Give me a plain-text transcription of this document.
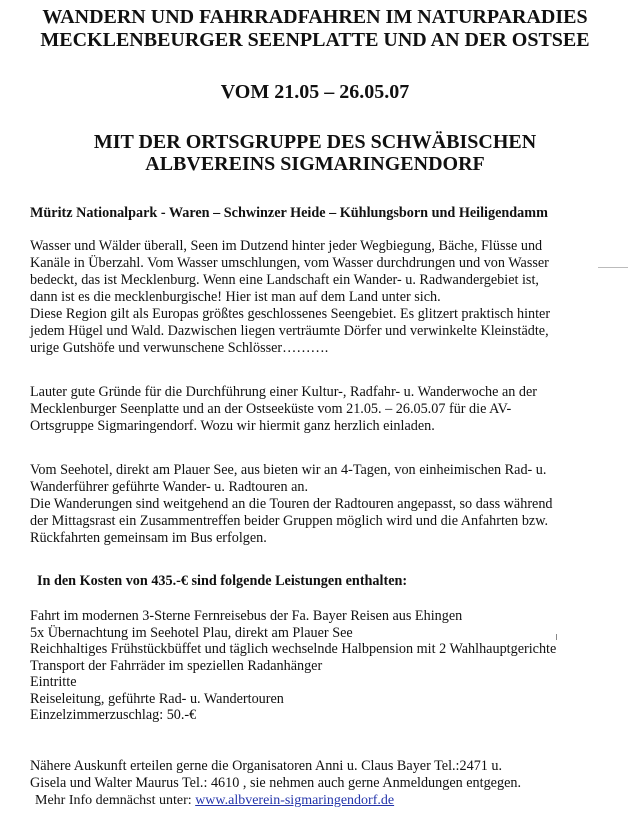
WANDERN UND FAHRRADFAHREN IM NATURPARADIES
MECKLENBEURGER SEENPLATTE UND AN DER OSTSEE
VOM 21.05 – 26.05.07
MIT DER ORTSGRUPPE DES SCHWÄBISCHEN
ALBVEREINS SIGMARINGENDORF
Müritz Nationalpark - Waren – Schwinzer Heide – Kühlungsborn und Heiligendamm
Wasser und Wälder überall, Seen im Dutzend hinter jeder Wegbiegung, Bäche, Flüsse und
Kanäle in Überzahl. Vom Wasser umschlungen, vom Wasser durchdrungen und von Wasser
bedeckt, das ist Mecklenburg. Wenn eine Landschaft ein Wander- u. Radwandergebiet ist,
dann ist es die mecklenburgische! Hier ist man auf dem Land unter sich.
Diese Region gilt als Europas größtes geschlossenes Seengebiet. Es glitzert praktisch hinter
jedem Hügel und Wald. Dazwischen liegen verträumte Dörfer und verwinkelte Kleinstädte,
urige Gutshöfe und verwunschene Schlösser……….
Lauter gute Gründe für die Durchführung einer Kultur-, Radfahr- u. Wanderwoche an der
Mecklenburger Seenplatte und an der Ostseeküste vom 21.05. – 26.05.07 für die AV-
Ortsgruppe Sigmaringendorf. Wozu wir hiermit ganz herzlich einladen.
Vom Seehotel, direkt am Plauer See, aus bieten wir an 4-Tagen, von einheimischen Rad- u.
Wanderführer geführte Wander- u. Radtouren an.
Die Wanderungen sind weitgehend an die Touren der Radtouren angepasst, so dass während
der Mittagsrast ein Zusammentreffen beider Gruppen möglich wird und die Anfahrten bzw.
Rückfahrten gemeinsam im Bus erfolgen.
In den Kosten von 435.-€ sind folgende Leistungen enthalten:
Fahrt im modernen 3-Sterne Fernreisebus der Fa. Bayer Reisen aus Ehingen
5x Übernachtung im Seehotel Plau, direkt am Plauer See
Reichhaltiges Frühstückbüffet und täglich wechselnde Halbpension mit 2 Wahlhauptgerichte
Transport der Fahrräder im speziellen Radanhänger
Eintritte
Reiseleitung, geführte Rad- u. Wandertouren
Einzelzimmerzuschlag: 50.-€
Nähere Auskunft erteilen gerne die Organisatoren Anni u. Claus Bayer Tel.:2471 u.
Gisela und Walter Maurus Tel.: 4610 , sie nehmen auch gerne Anmeldungen entgegen.
Mehr Info demnächst unter: www.albverein-sigmaringendorf.de
